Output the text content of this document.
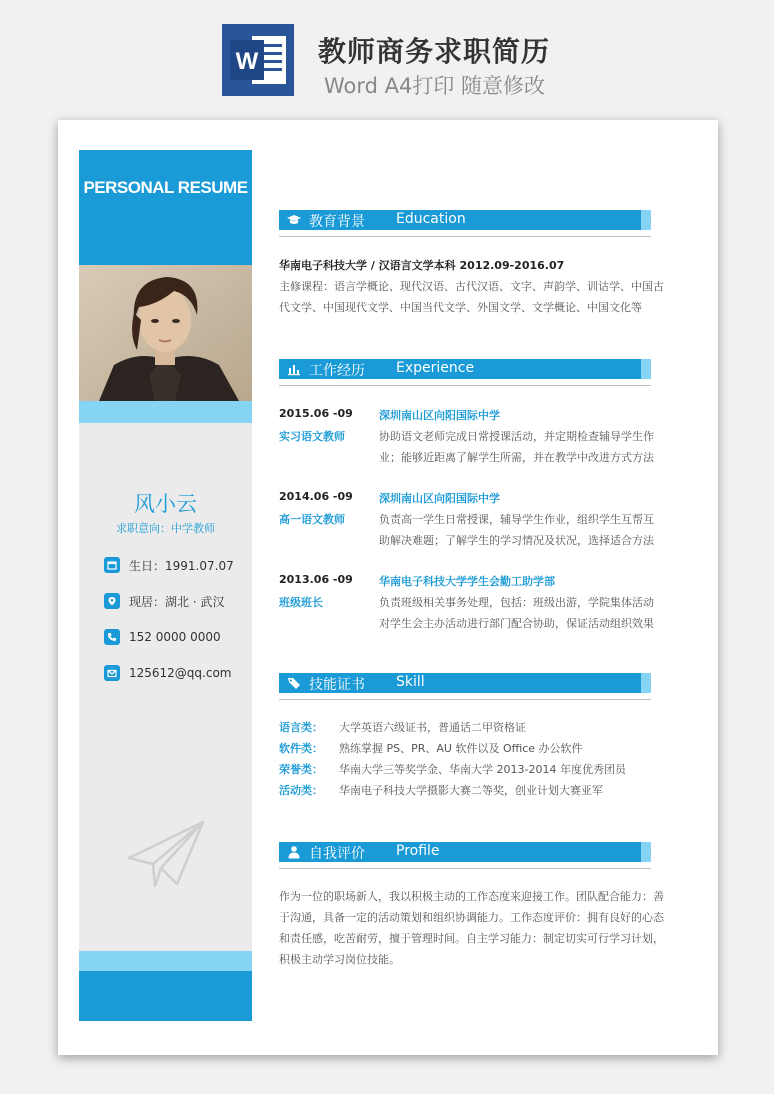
W 教师商务求职简历
Word A4打印 随意修改
PERSONAL RESUME
风小云
求职意向：中学教师
生日：1991.07.07
现居：湖北 · 武汉
152 0000 0000
125612@qq.com
教育背景 Education
华南电子科技大学 / 汉语言文学本科 2012.09-2016.07
主修课程：语言学概论、现代汉语、古代汉语、文字、声韵学、训诂学、中国古
代文学、中国现代文学、中国当代文学、外国文学、文学概论、中国文化等
工作经历 Experience
2015.06 -09 深圳南山区向阳国际中学
实习语文教师	协助语文老师完成日常授课活动，并定期检查辅导学生作
业；能够近距离了解学生所需，并在教学中改进方式方法
2014.06 -09 深圳南山区向阳国际中学
高一语文教师	负责高一学生日常授课，辅导学生作业，组织学生互帮互
助解决难题；了解学生的学习情况及状况，选择适合方法
2013.06 -09 华南电子科技大学学生会勤工助学部
班级班长	负责班级相关事务处理，包括：班级出游，学院集体活动
对学生会主办活动进行部门配合协助，保证活动组织效果
技能证书 Skill
语言类： 大学英语六级证书，普通话二甲资格证
软件类： 熟练掌握 PS、PR、AU 软件以及 Office 办公软件
荣誉类： 华南大学三等奖学金、华南大学 2013-2014 年度优秀团员
活动类： 华南电子科技大学摄影大赛二等奖，创业计划大赛亚军
自我评价 Profile
作为一位的职场新人，我以积极主动的工作态度来迎接工作。团队配合能力：善
于沟通，具备一定的活动策划和组织协调能力。工作态度评价：拥有良好的心态
和责任感，吃苦耐劳，擅于管理时间。自主学习能力：制定切实可行学习计划，
积极主动学习岗位技能。
